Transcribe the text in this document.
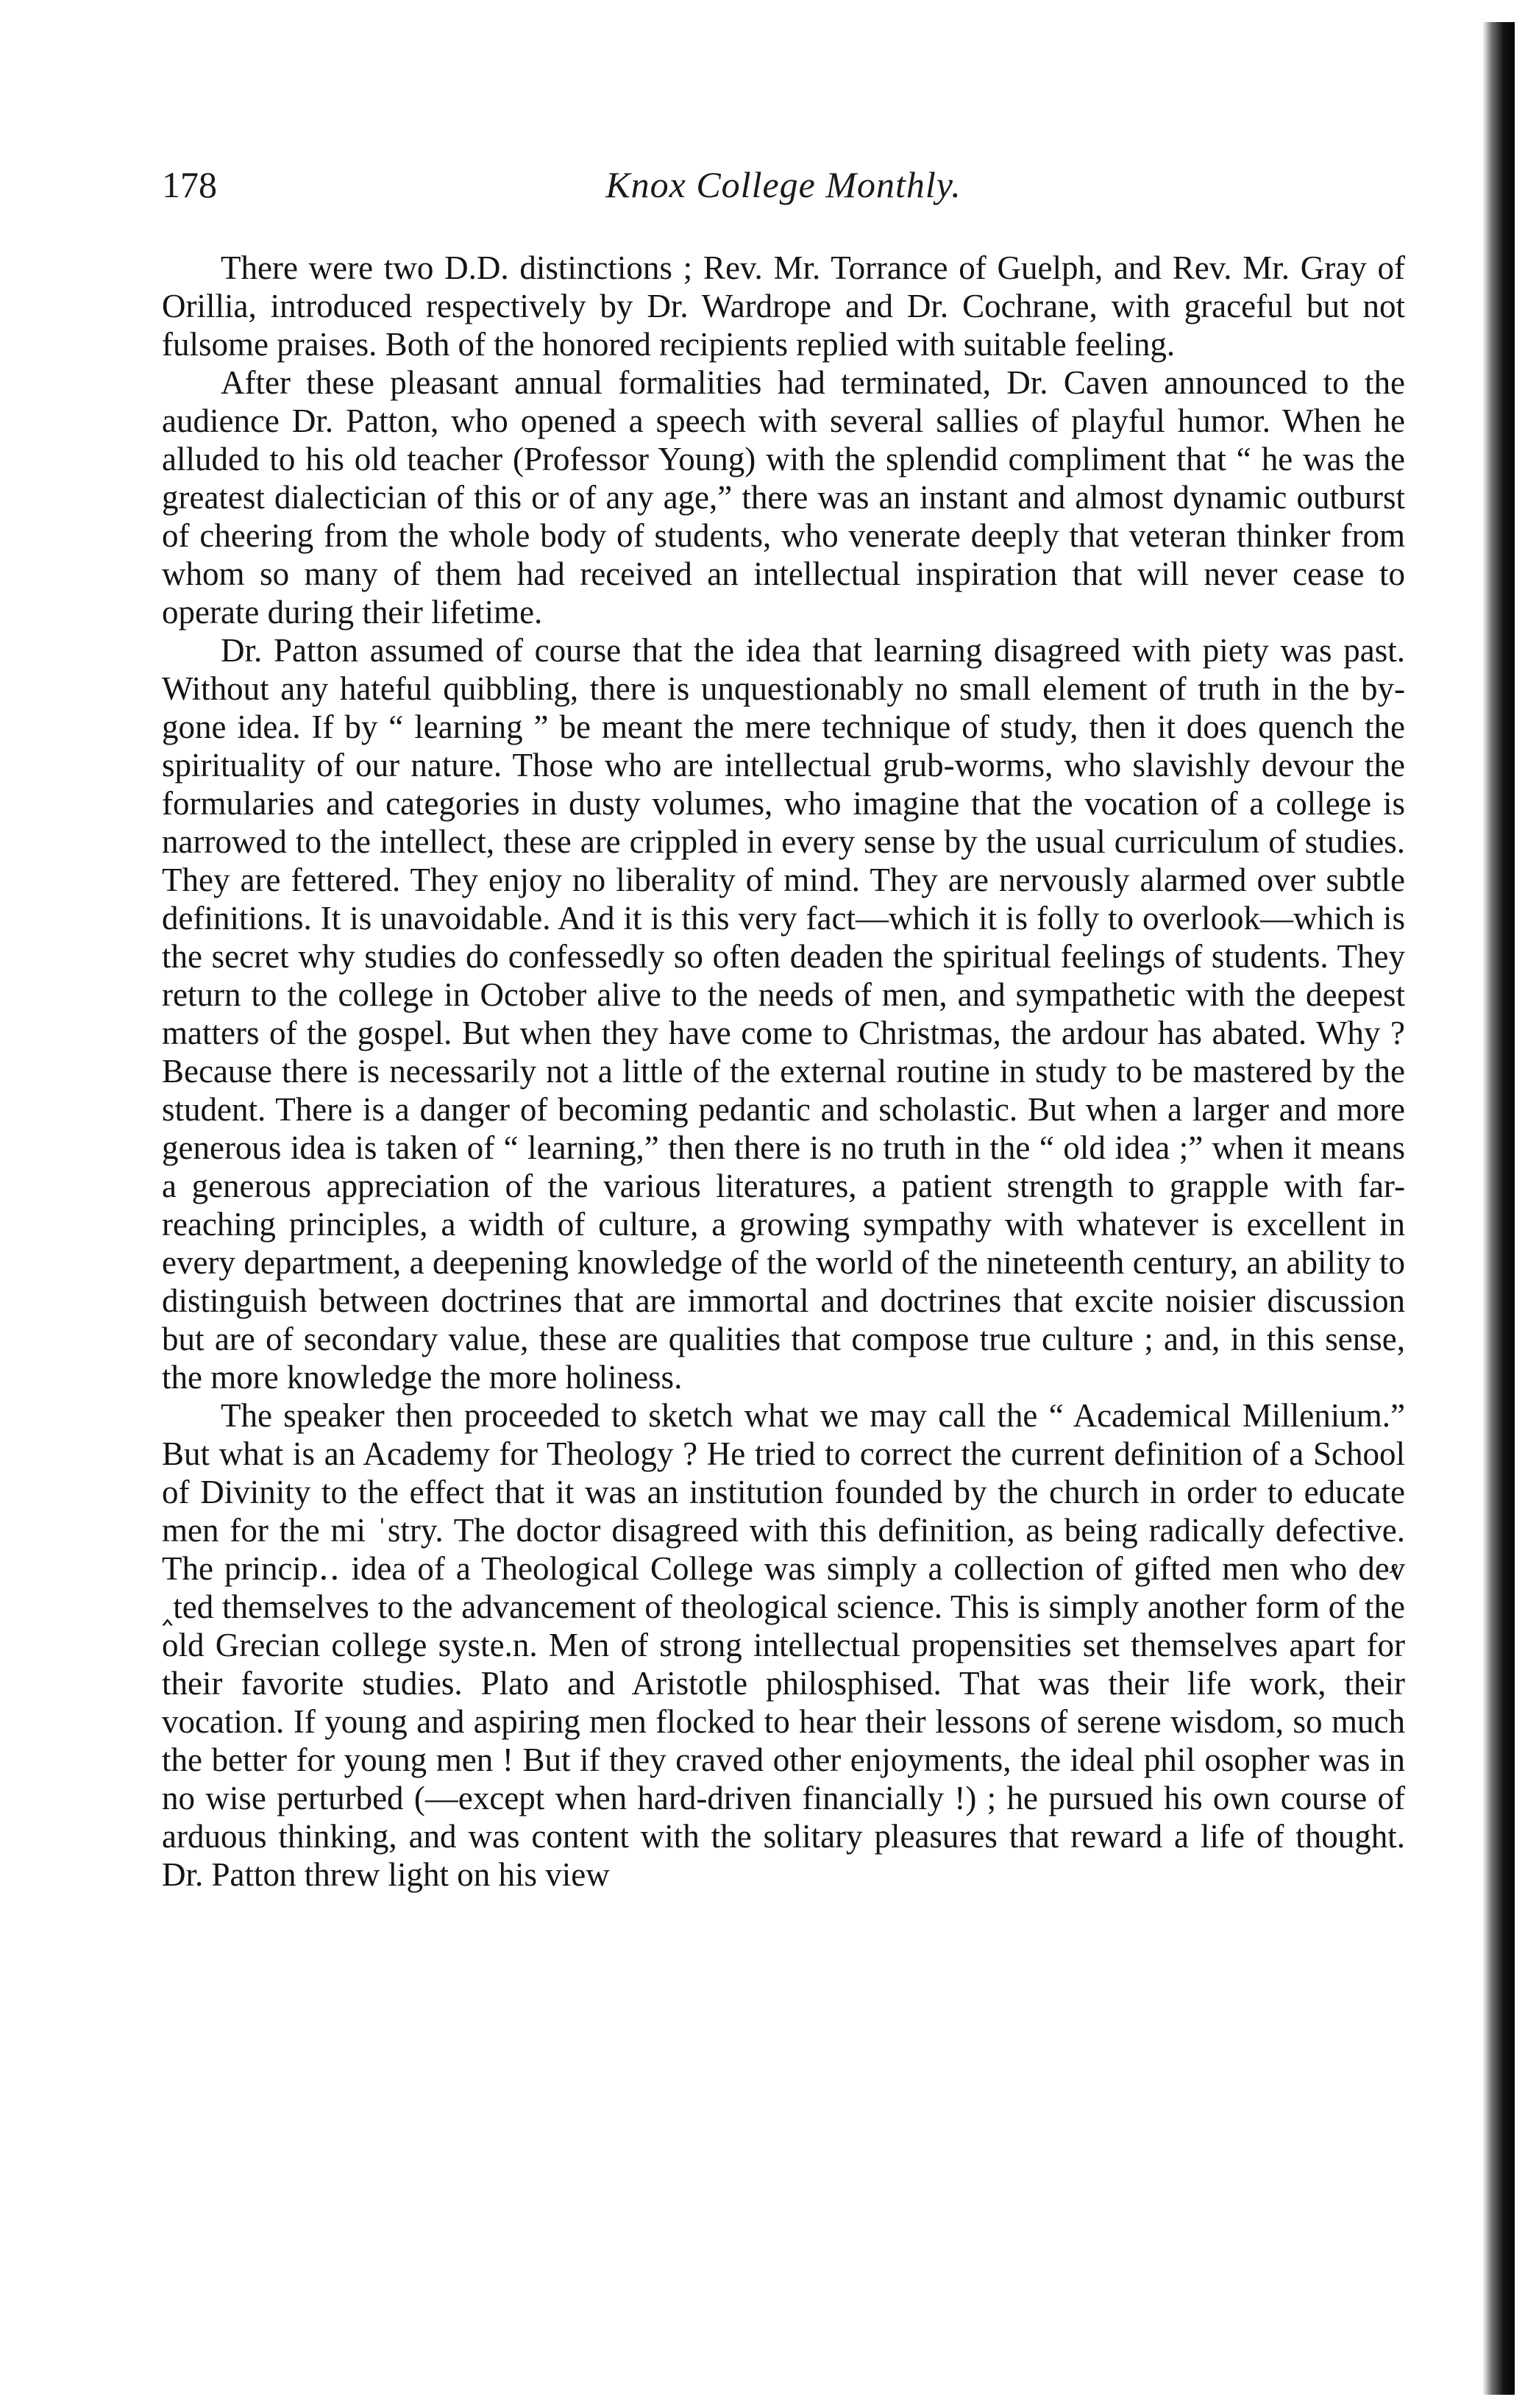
178	Knox College Monthly.

There were two D.D. distinctions ; Rev. Mr. Torrance of Guelph, and Rev. Mr. Gray of Orillia, introduced respectively by Dr. Wardrope and Dr. Cochrane, with graceful but not fulsome praises. Both of the honored recipients replied with suitable feeling.

After these pleasant annual formalities had terminated, Dr. Caven announced to the audience Dr. Patton, who opened a speech with several sallies of playful humor. When he alluded to his old teacher (Professor Young) with the splendid compliment that “ he was the greatest dialectician of this or of any age,” there was an instant and almost dynamic outburst of cheering from the whole body of students, who venerate deeply that veteran thinker from whom so many of them had received an intellectual inspiration that will never cease to operate during their lifetime.

Dr. Patton assumed of course that the idea that learning disagreed with piety was past. Without any hateful quibbling, there is unquestionably no small element of truth in the by-gone idea. If by “ learning ” be meant the mere technique of study, then it does quench the spirituality of our nature. Those who are intellectual grub-worms, who slavishly devour the formularies and categories in dusty volumes, who imagine that the vocation of a college is narrowed to the intellect, these are crippled in every sense by the usual curriculum of studies. They are fettered. They enjoy no liberality of mind. They are nervously alarmed over subtle definitions. It is unavoidable. And it is this very fact—which it is folly to overlook—which is the secret why studies do confessedly so often deaden the spiritual feelings of students. They return to the college in October alive to the needs of men, and sympathetic with the deepest matters of the gospel. But when they have come to Christmas, the ardour has abated. Why ? Because there is necessarily not a little of the external routine in study to be mastered by the student. There is a danger of becoming pedantic and scholastic. But when a larger and more generous idea is taken of “ learning,” then there is no truth in the “ old idea ;” when it means a generous appreciation of the various literatures, a patient strength to grapple with far-reaching principles, a width of culture, a growing sympathy with whatever is excellent in every department, a deepening knowledge of the world of the nineteenth century, an ability to distinguish between doctrines that are immortal and doctrines that excite noisier discussion but are of secondary value, these are qualities that compose true culture ; and, in this sense, the more knowledge the more holiness.

The speaker then proceeded to sketch what we may call the “ Academical Millenium.” But what is an Academy for Theology ? He tried to correct the current definition of a School of Divinity to the effect that it was an institution founded by the church in order to educate men for the mi ˈstry. The doctor disagreed with this definition, as being radically defective. The princip‥ idea of a Theological College was simply a collection of gifted men who deⱴ ‸ted themselves to the advancement of theological science. This is simply another form of the old Grecian college syste.n. Men of strong intellectual propensities set themselves apart for their favorite studies. Plato and Aristotle philosphised. That was their life work, their vocation. If young and aspiring men flocked to hear their lessons of serene wisdom, so much the better for young men ! But if they craved other enjoyments, the ideal phil osopher was in no wise perturbed (—except when hard-driven financially !) ; he pursued his own course of arduous thinking, and was content with the solitary pleasures that reward a life of thought. Dr. Patton threw light on his view
